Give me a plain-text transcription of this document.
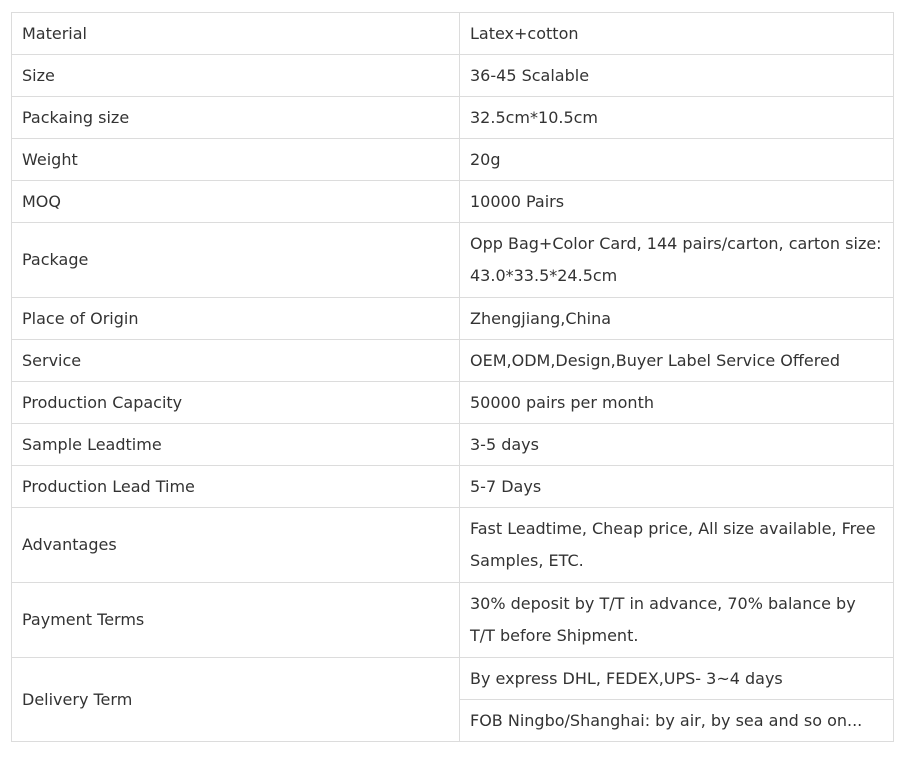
Material	Latex+cotton
Size	36-45 Scalable
Packaing size	32.5cm*10.5cm
Weight	20g
MOQ	10000 Pairs
Package	Opp Bag+Color Card, 144 pairs/carton, carton size: 43.0*33.5*24.5cm
Place of Origin	Zhengjiang,China
Service	OEM,ODM,Design,Buyer Label Service Offered
Production Capacity	50000 pairs per month
Sample Leadtime	3-5 days
Production Lead Time	5-7 Days
Advantages	Fast Leadtime, Cheap price, All size available, Free Samples, ETC.
Payment Terms	30% deposit by T/T in advance, 70% balance by T/T before Shipment.
Delivery Term	By express DHL, FEDEX,UPS- 3~4 days
	FOB Ningbo/Shanghai: by air, by sea and so on...
